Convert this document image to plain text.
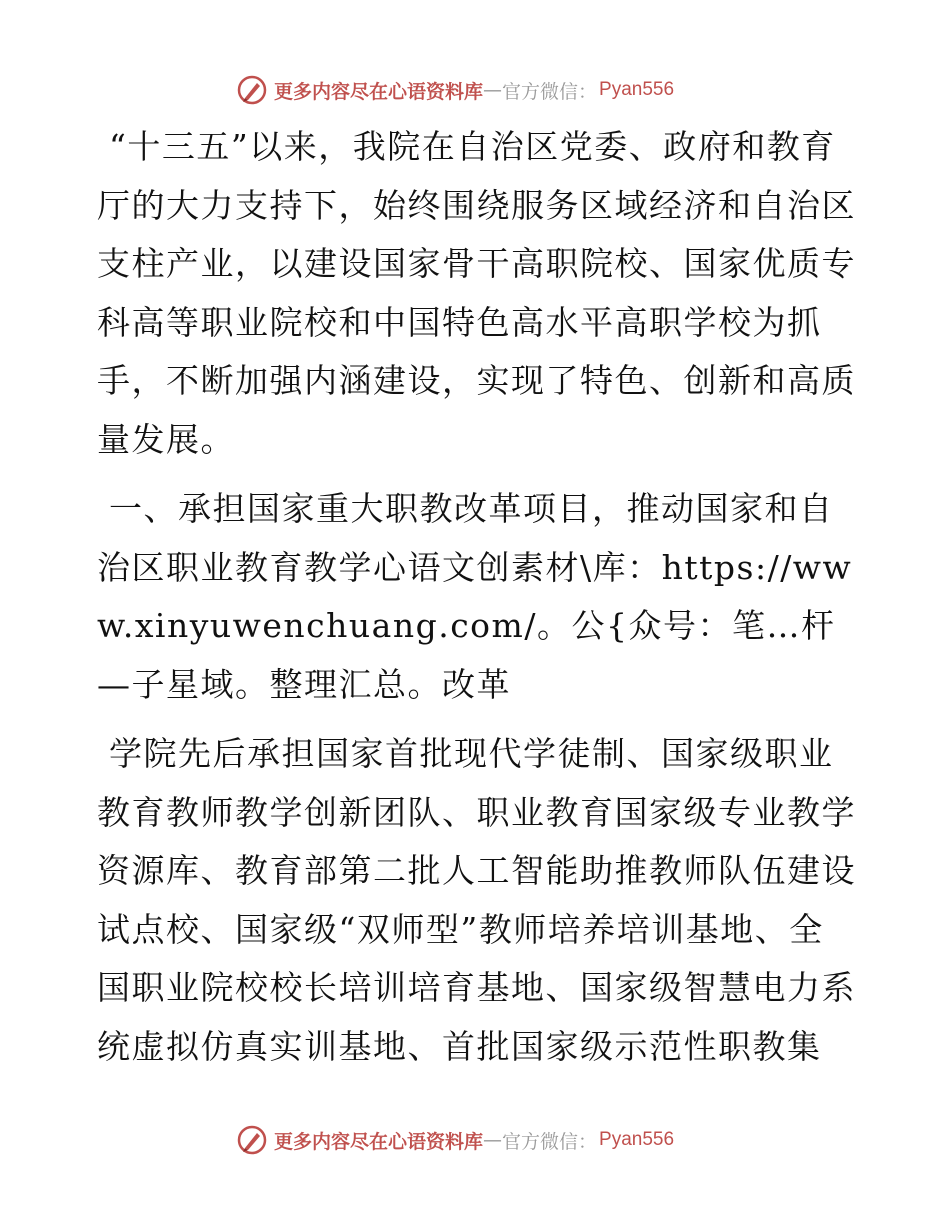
更多内容尽在心语资料库 — 官方微信： Pyan556

“十三五”以来，我院在自治区党委、政府和教育厅的大力支持下，始终围绕服务区域经济和自治区支柱产业，以建设国家骨干高职院校、国家优质专科高等职业院校和中国特色高水平高职学校为抓手，不断加强内涵建设，实现了特色、创新和高质量发展。

一、承担国家重大职教改革项目，推动国家和自治区职业教育教学心语文创素材\库：https://www.xinyuwenchuang.com/。公{众号：笔…杆—子星域。整理汇总。改革

学院先后承担国家首批现代学徒制、国家级职业教育教师教学创新团队、职业教育国家级专业教学资源库、教育部第二批人工智能助推教师队伍建设试点校、国家级“双师型”教师培养培训基地、全国职业院校校长培训培育基地、国家级智慧电力系统虚拟仿真实训基地、首批国家级示范性职教集

更多内容尽在心语资料库 — 官方微信： Pyan556
